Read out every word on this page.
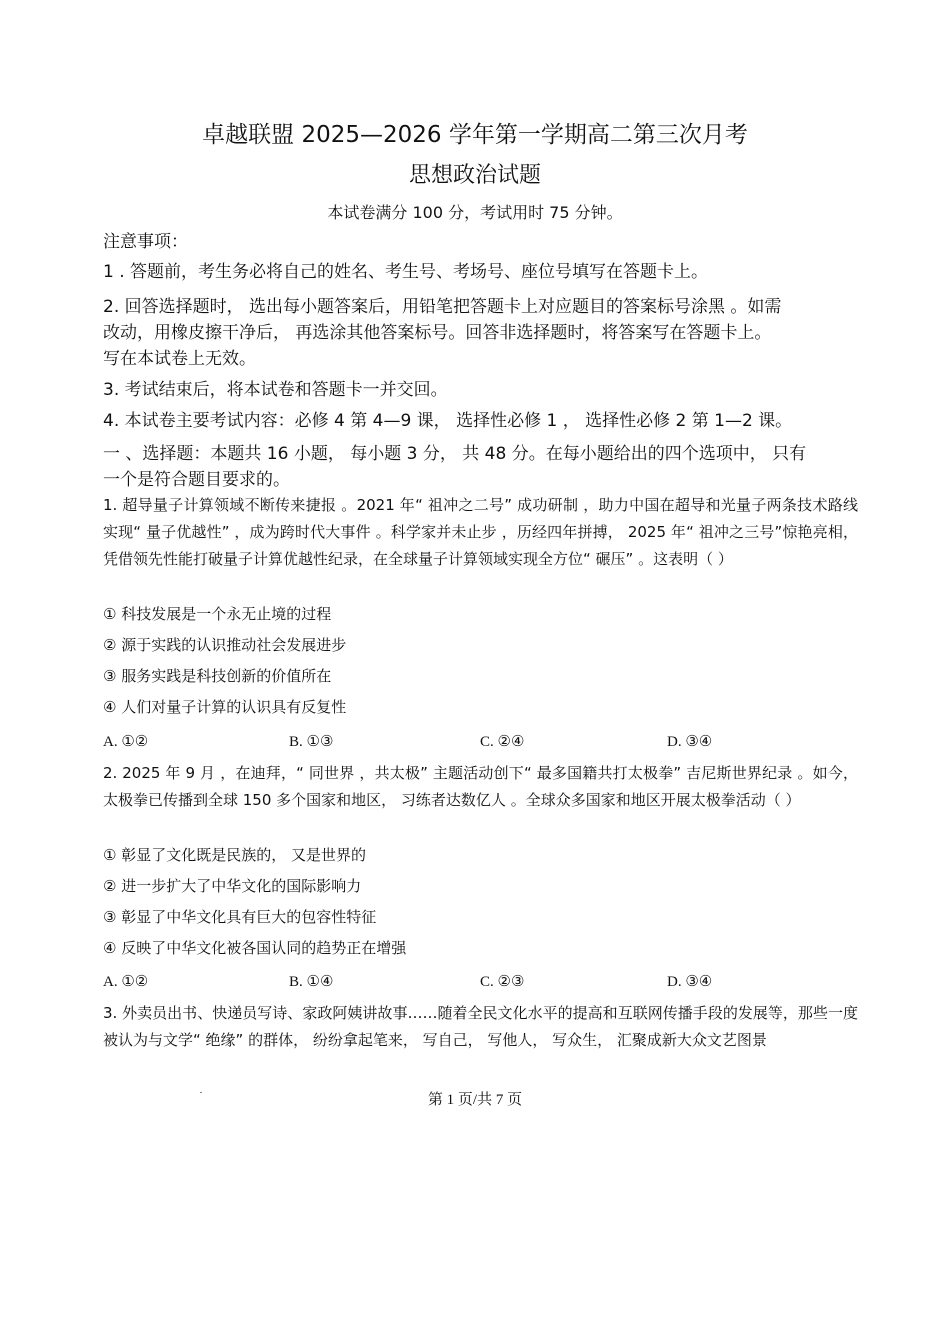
卓越联盟 2025—2026 学年第一学期高二第三次月考
思想政治试题
本试卷满分 100 分，考试用时 75 分钟。
注意事项：
1 . 答题前，考生务必将自己的姓名、考生号、考场号、座位号填写在答题卡上。
2. 回答选择题时， 选出每小题答案后，用铅笔把答题卡上对应题目的答案标号涂黑 。如需
改动，用橡皮擦干净后， 再选涂其他答案标号。回答非选择题时，将答案写在答题卡上。
写在本试卷上无效。
3. 考试结束后，将本试卷和答题卡一并交回。
4. 本试卷主要考试内容：必修 4 第 4—9 课， 选择性必修 1 ， 选择性必修 2 第 1—2 课。
一 、选择题：本题共 16 小题， 每小题 3 分， 共 48 分。在每小题给出的四个选项中， 只有
一个是符合题目要求的。
1. 超导量子计算领域不断传来捷报 。2021 年“ 祖冲之二号” 成功研制 ，助力中国在超导和光量子两条技术路线实现“ 量子优越性” ，成为跨时代大事件 。科学家并未止步 ，历经四年拼搏， 2025 年“ 祖冲之三号”惊艳亮相，凭借领先性能打破量子计算优越性纪录，在全球量子计算领域实现全方位“ 碾压” 。这表明（ ）
① 科技发展是一个永无止境的过程
② 源于实践的认识推动社会发展进步
③ 服务实践是科技创新的价值所在
④ 人们对量子计算的认识具有反复性
A. ①②	B. ①③	C. ②④	D. ③④
2. 2025 年 9 月 ，在迪拜，“ 同世界 ，共太极” 主题活动创下“ 最多国籍共打太极拳” 吉尼斯世界纪录 。如今，太极拳已传播到全球 150 多个国家和地区， 习练者达数亿人 。全球众多国家和地区开展太极拳活动（ ）
① 彰显了文化既是民族的， 又是世界的
② 进一步扩大了中华文化的国际影响力
③ 彰显了中华文化具有巨大的包容性特征
④ 反映了中华文化被各国认同的趋势正在增强
A. ①②	B. ①④	C. ②③	D. ③④
3. 外卖员出书、快递员写诗、家政阿姨讲故事……随着全民文化水平的提高和互联网传播手段的发展等，那些一度被认为与文学“ 绝缘” 的群体， 纷纷拿起笔来， 写自己， 写他人， 写众生， 汇聚成新大众文艺图景
第 1 页/共 7 页
